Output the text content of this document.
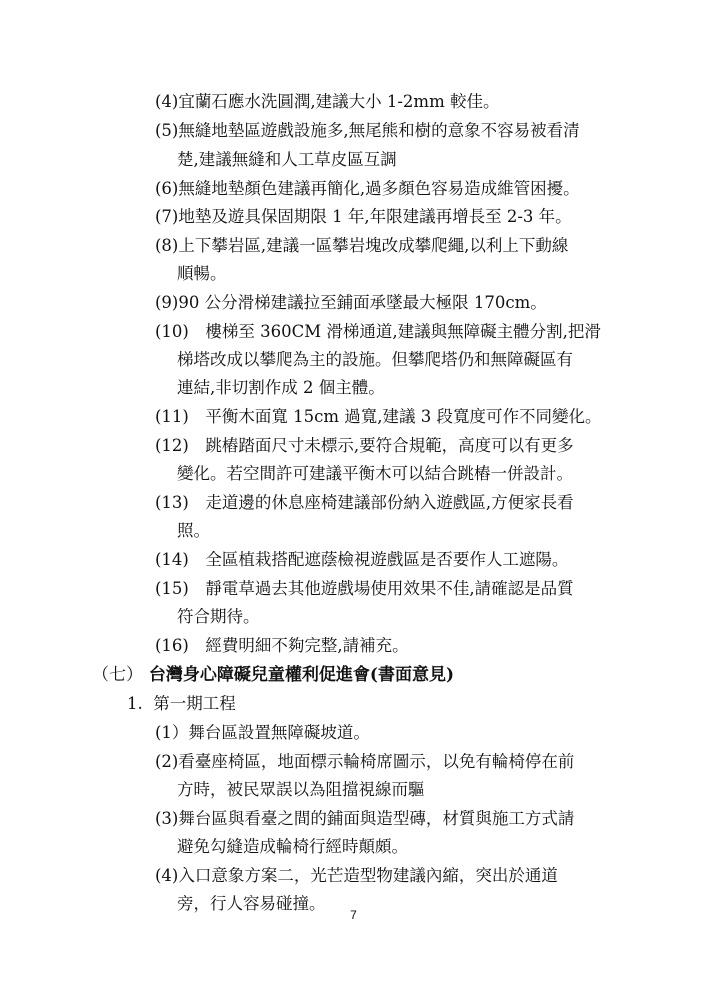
(4)宜蘭石應水洗圓潤,建議大小 1-2mm 較佳。
(5)無縫地墊區遊戲設施多,無尾熊和樹的意象不容易被看清
楚,建議無縫和人工草皮區互調
(6)無縫地墊顏色建議再簡化,過多顏色容易造成維管困擾。
(7)地墊及遊具保固期限 1 年,年限建議再增長至 2-3 年。
(8)上下攀岩區,建議一區攀岩塊改成攀爬繩,以利上下動線
順暢。
(9)90 公分滑梯建議拉至鋪面承墜最大極限 170cm。
(10)　樓梯至 360CM 滑梯通道,建議與無障礙主體分割,把滑
梯塔改成以攀爬為主的設施。但攀爬塔仍和無障礙區有
連結,非切割作成 2 個主體。
(11)　平衡木面寬 15cm 過寬,建議 3 段寬度可作不同變化。
(12)　跳樁踏面尺寸未標示,要符合規範，高度可以有更多
變化。若空間許可建議平衡木可以結合跳樁一併設計。
(13)　走道邊的休息座椅建議部份納入遊戲區,方便家長看
照。
(14)　全區植栽搭配遮蔭檢視遊戲區是否要作人工遮陽。
(15)　靜電草過去其他遊戲場使用效果不佳,請確認是品質
符合期待。
(16)　經費明細不夠完整,請補充。
（七） 台灣身心障礙兒童權利促進會(書面意見)
1. 第一期工程
(1）舞台區設置無障礙坡道。
(2)看臺座椅區，地面標示輪椅席圖示，以免有輪椅停在前
方時，被民眾誤以為阻擋視線而驅
(3)舞台區與看臺之間的鋪面與造型磚，材質與施工方式請
避免勾縫造成輪椅行經時顛頗。
(4)入口意象方案二，光芒造型物建議內縮，突出於通道
旁，行人容易碰撞。
7
